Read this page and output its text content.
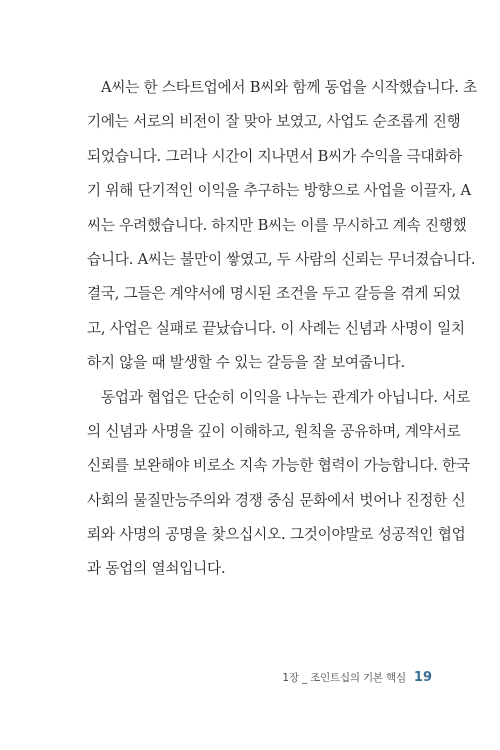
A씨는 한 스타트업에서 B씨와 함께 동업을 시작했습니다. 초
기에는 서로의 비전이 잘 맞아 보였고, 사업도 순조롭게 진행
되었습니다. 그러나 시간이 지나면서 B씨가 수익을 극대화하
기 위해 단기적인 이익을 추구하는 방향으로 사업을 이끌자, A
씨는 우려했습니다. 하지만 B씨는 이를 무시하고 계속 진행했
습니다. A씨는 불만이 쌓였고, 두 사람의 신뢰는 무너졌습니다.
결국, 그들은 계약서에 명시된 조건을 두고 갈등을 겪게 되었
고, 사업은 실패로 끝났습니다. 이 사례는 신념과 사명이 일치
하지 않을 때 발생할 수 있는 갈등을 잘 보여줍니다.

동업과 협업은 단순히 이익을 나누는 관계가 아닙니다. 서로
의 신념과 사명을 깊이 이해하고, 원칙을 공유하며, 계약서로
신뢰를 보완해야 비로소 지속 가능한 협력이 가능합니다. 한국
사회의 물질만능주의와 경쟁 중심 문화에서 벗어나 진정한 신
뢰와 사명의 공명을 찾으십시오. 그것이야말로 성공적인 협업
과 동업의 열쇠입니다.

1장 _ 조인트십의 기본 핵심 19
